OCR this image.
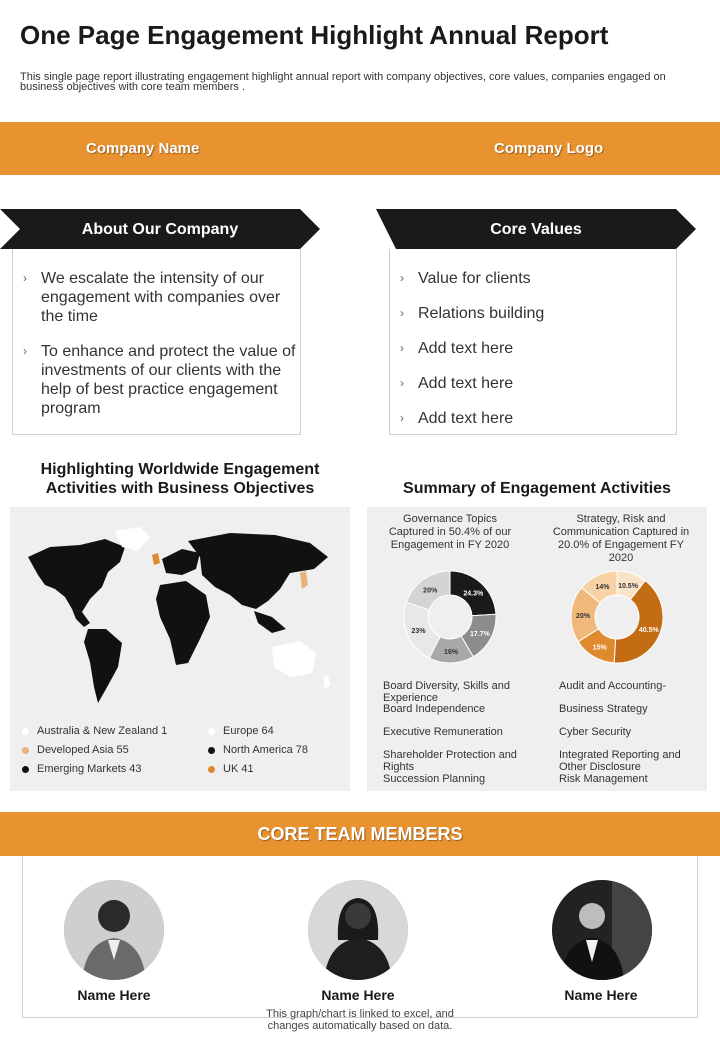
One Page Engagement Highlight Annual Report
This single page report illustrating engagement highlight annual report with company objectives, core values, companies engaged on business objectives with core team members .
Company Name	Company Logo
About Our Company
› We escalate the intensity of our engagement with companies over the time
› To enhance and protect the value of investments of our clients with the help of best practice engagement program
Core Values
› Value for clients
› Relations building
› Add text here
› Add text here
› Add text here
Highlighting Worldwide Engagement Activities with Business Objectives
Australia & New Zealand 1	Europe 64
Developed Asia 55	North America 78
Emerging Markets 43	UK 41
Summary of Engagement Activities
Governance Topics Captured in 50.4% of our Engagement in FY 2020
Strategy, Risk and Communication Captured in 20.0% of Engagement FY 2020
24.3%
17.7%
16%
23%
20%
10.5%
40.5%
15%
20%
14%
Board Diversity, Skills and Experience
Board Independence
Executive Remuneration
Shareholder Protection and Rights
Succession Planning
Audit and Accounting-
Business Strategy
Cyber Security
Integrated Reporting and Other Disclosure
Risk Management
CORE TEAM MEMBERS
Name Here	Name Here	Name Here
This graph/chart is linked to excel, and changes automatically based on data.
